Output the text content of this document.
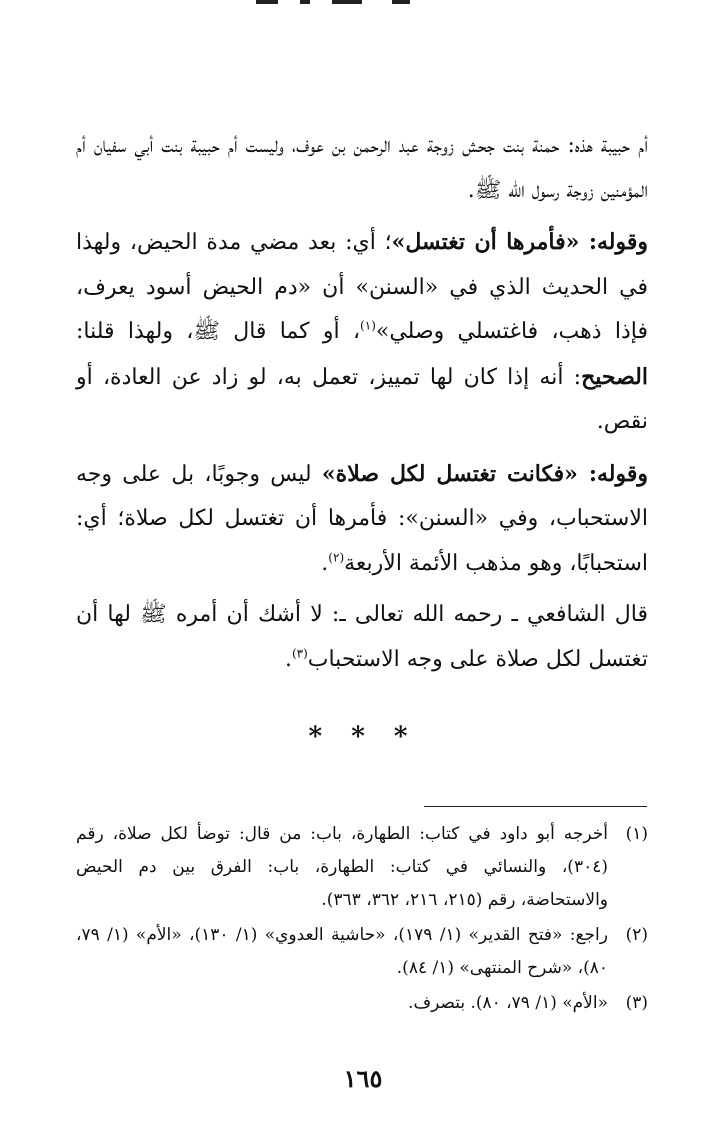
أم حبيبة هذه: حمنة بنت جحش زوجة عبد الرحمن بن عوف، وليست أم حبيبة بنت أبي سفيان أم المؤمنين زوجة رسول الله ﷺ.

وقوله: «فأمرها أن تغتسل»؛ أي: بعد مضي مدة الحيض، ولهذا في الحديث الذي في «السنن» أن «دم الحيض أسود يعرف، فإذا ذهب، فاغتسلي وصلي»$^{(١)}$، أو كما قال ﷺ، ولهذا قلنا: الصحيح: أنه إذا كان لها تمييز، تعمل به، لو زاد عن العادة، أو نقص.

وقوله: «فكانت تغتسل لكل صلاة» ليس وجوبًا، بل على وجه الاستحباب، وفي «السنن»: فأمرها أن تغتسل لكل صلاة؛ أي: استحبابًا، وهو مذهب الأئمة الأربعة$^{(٢)}$.

قال الشافعي ـ رحمه الله تعالى ـ: لا أشك أن أمره ﷺ لها أن تغتسل لكل صلاة على وجه الاستحباب$^{(٣)}$.

* * *
(١)
أخرجه أبو داود في كتاب: الطهارة، باب: من قال: توضأ لكل صلاة، رقم (٣٠٤)، والنسائي في كتاب: الطهارة، باب: الفرق بين دم الحيض والاستحاضة، رقم (٢١٥، ٢١٦، ٣٦٢، ٣٦٣).
(٢)
راجع: «فتح القدير» (١/ ١٧٩)، «حاشية العدوي» (١/ ١٣٠)، «الأم» (١/ ٧٩، ٨٠)، «شرح المنتهى» (١/ ٨٤).
(٣)
«الأم» (١/ ٧٩، ٨٠). بتصرف.
١٦٥
